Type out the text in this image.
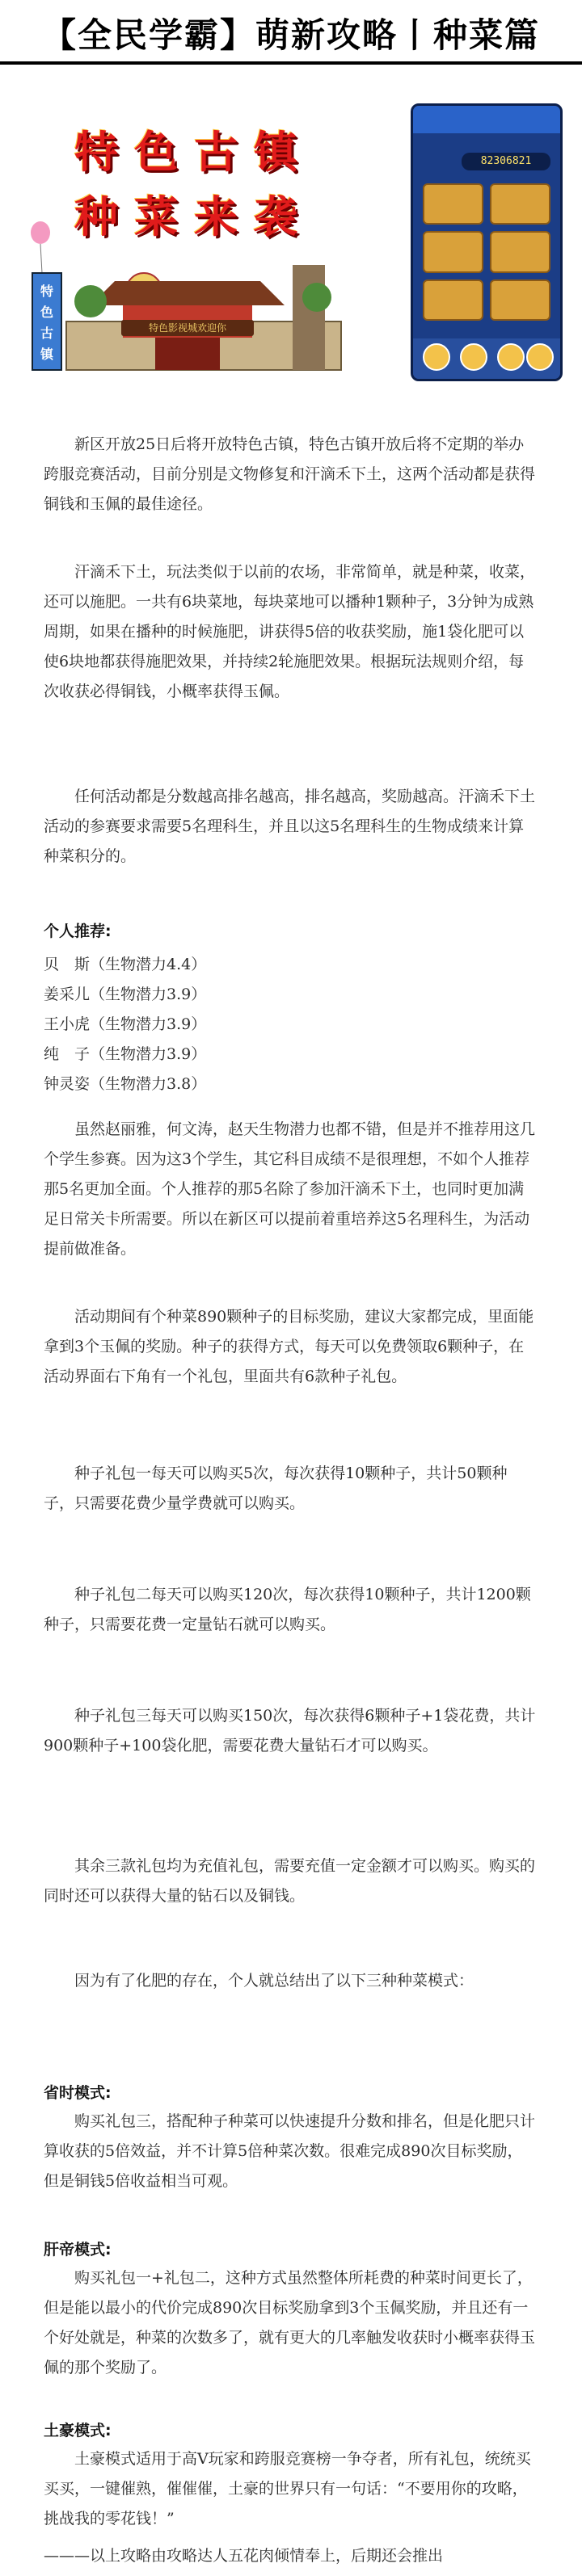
【全民学霸】萌新攻略丨种菜篇
特色古镇
种菜来袭
特色古镇
特色影视城欢迎你
82306821

新区开放25日后将开放特色古镇，特色古镇开放后将不定期的举办跨服竞赛活动，目前分别是文物修复和汗滴禾下土，这两个活动都是获得铜钱和玉佩的最佳途径。

汗滴禾下土，玩法类似于以前的农场，非常简单，就是种菜，收菜，还可以施肥。一共有6块菜地，每块菜地可以播种1颗种子，3分钟为成熟周期，如果在播种的时候施肥，讲获得5倍的收获奖励，施1袋化肥可以使6块地都获得施肥效果，并持续2轮施肥效果。根据玩法规则介绍，每次收获必得铜钱，小概率获得玉佩。

任何活动都是分数越高排名越高，排名越高，奖励越高。汗滴禾下土活动的参赛要求需要5名理科生，并且以这5名理科生的生物成绩来计算种菜积分的。

个人推荐:

贝　斯（生物潜力4.4）
姜采儿（生物潜力3.9）
王小虎（生物潜力3.9）
纯　子（生物潜力3.9）
钟灵姿（生物潜力3.8）

虽然赵丽雅，何文涛，赵天生物潜力也都不错，但是并不推荐用这几个学生参赛。因为这3个学生，其它科目成绩不是很理想，不如个人推荐那5名更加全面。个人推荐的那5名除了参加汗滴禾下土，也同时更加满足日常关卡所需要。所以在新区可以提前着重培养这5名理科生，为活动提前做准备。

活动期间有个种菜890颗种子的目标奖励，建议大家都完成，里面能拿到3个玉佩的奖励。种子的获得方式，每天可以免费领取6颗种子，在活动界面右下角有一个礼包，里面共有6款种子礼包。

种子礼包一每天可以购买5次，每次获得10颗种子，共计50颗种子，只需要花费少量学费就可以购买。

种子礼包二每天可以购买120次，每次获得10颗种子，共计1200颗种子，只需要花费一定量钻石就可以购买。

种子礼包三每天可以购买150次，每次获得6颗种子+1袋花费，共计900颗种子+100袋化肥，需要花费大量钻石才可以购买。

其余三款礼包均为充值礼包，需要充值一定金额才可以购买。购买的同时还可以获得大量的钻石以及铜钱。

因为有了化肥的存在，个人就总结出了以下三种种菜模式：

省时模式:

购买礼包三，搭配种子种菜可以快速提升分数和排名，但是化肥只计算收获的5倍效益，并不计算5倍种菜次数。很难完成890次目标奖励，但是铜钱5倍收益相当可观。

肝帝模式:

购买礼包一+礼包二，这种方式虽然整体所耗费的种菜时间更长了，但是能以最小的代价完成890次目标奖励拿到3个玉佩奖励，并且还有一个好处就是，种菜的次数多了，就有更大的几率触发收获时小概率获得玉佩的那个奖励了。

土豪模式:

土豪模式适用于高V玩家和跨服竞赛榜一争夺者，所有礼包，统统买买买，一键催熟，催催催，土豪的世界只有一句话：“不要用你的攻略，挑战我的零花钱！”

———以上攻略由攻略达人五花肉倾情奉上，后期还会推出
